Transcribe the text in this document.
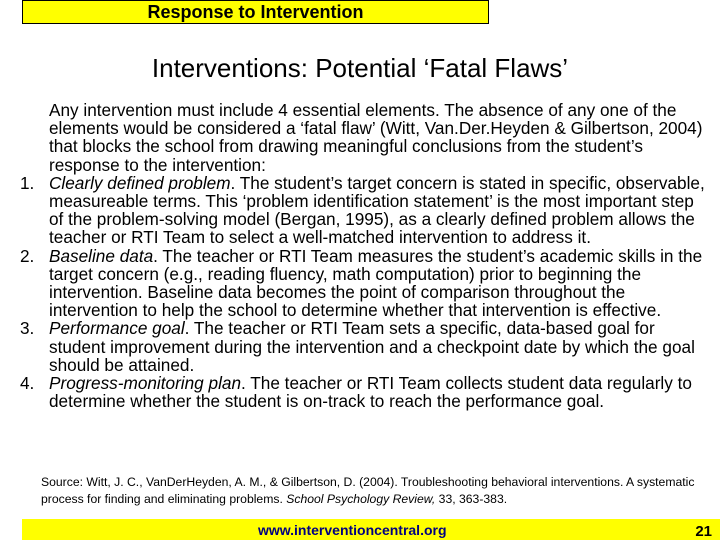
Response to Intervention
Interventions: Potential ‘Fatal Flaws’

Any intervention must include 4 essential elements. The absence of any one of the elements would be considered a ‘fatal flaw’ (Witt, Van.Der.Heyden & Gilbertson, 2004) that blocks the school from drawing meaningful conclusions from the student’s response to the intervention:

1. Clearly defined problem. The student’s target concern is stated in specific, observable, measureable terms. This ‘problem identification statement’ is the most important step of the problem-solving model (Bergan, 1995), as a clearly defined problem allows the teacher or RTI Team to select a well-matched intervention to address it.
2. Baseline data. The teacher or RTI Team measures the student’s academic skills in the target concern (e.g., reading fluency, math computation) prior to beginning the intervention. Baseline data becomes the point of comparison throughout the intervention to help the school to determine whether that intervention is effective.
3. Performance goal. The teacher or RTI Team sets a specific, data-based goal for student improvement during the intervention and a checkpoint date by which the goal should be attained.
4. Progress-monitoring plan. The teacher or RTI Team collects student data regularly to determine whether the student is on-track to reach the performance goal.
Source: Witt, J. C., VanDerHeyden, A. M., & Gilbertson, D. (2004). Troubleshooting behavioral interventions. A systematic process for finding and eliminating problems. School Psychology Review, 33, 363-383.
www.interventioncentral.org	21
